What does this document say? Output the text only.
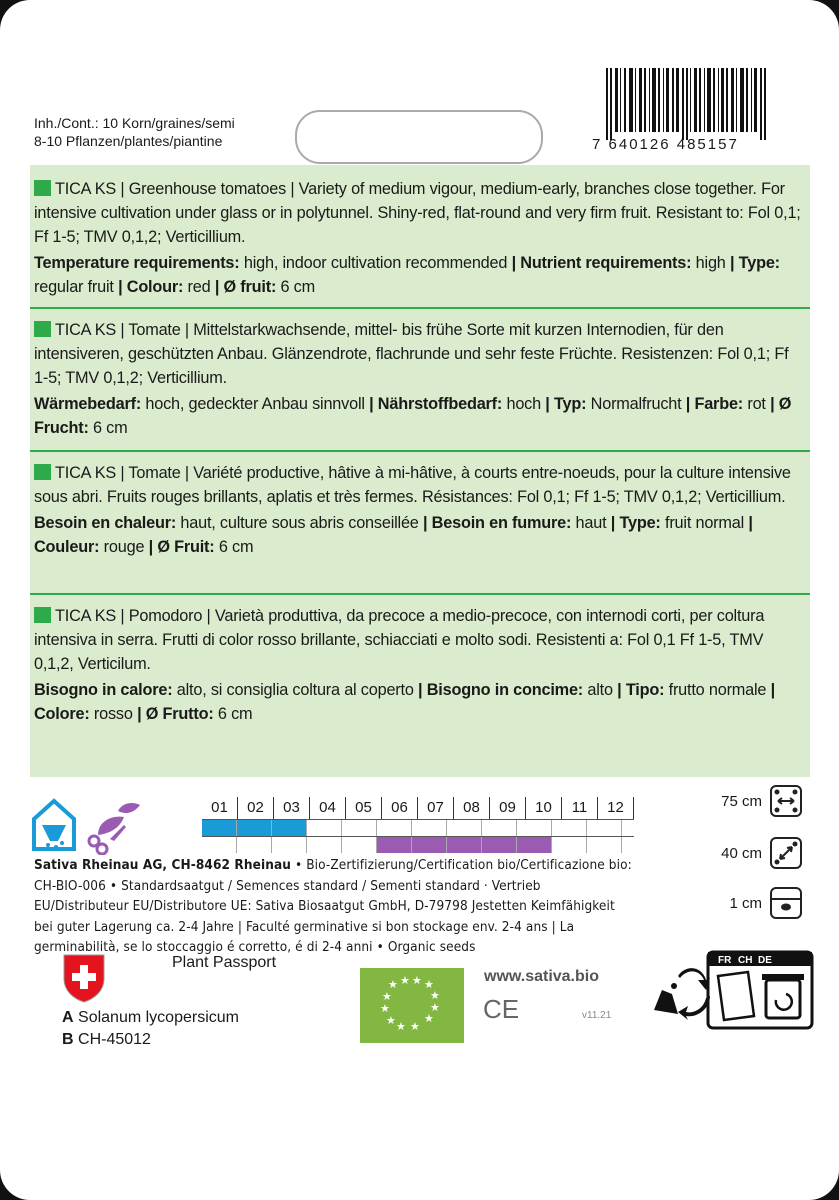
Inh./Cont.: 10 Korn/graines/semi
8-10 Pflanzen/plantes/piantine	7 640126 485157

TICA KS | Greenhouse tomatoes | Variety of medium vigour, medium-early, branches close together. For intensive cultivation under glass or in polytunnel. Shiny-red, flat-round and very firm fruit. Resistant to: Fol 0,1; Ff 1-5; TMV 0,1,2; Verticillium.

Temperature requirements: high, indoor cultivation recommended | Nutrient requirements: high | Type: regular fruit | Colour: red | Ø fruit: 6 cm

TICA KS | Tomate | Mittelstarkwachsende, mittel- bis frühe Sorte mit kurzen Internodien, für den intensiveren, geschützten Anbau. Glänzendrote, flachrunde und sehr feste Früchte. Resistenzen: Fol 0,1; Ff 1-5; TMV 0,1,2; Verticillium.

Wärmebedarf: hoch, gedeckter Anbau sinnvoll | Nährstoffbedarf: hoch | Typ: Normalfrucht | Farbe: rot | Ø Frucht: 6 cm

TICA KS | Tomate | Variété productive, hâtive à mi-hâtive, à courts entre-noeuds, pour la culture intensive sous abri. Fruits rouges brillants, aplatis et très fermes. Résistances: Fol 0,1; Ff 1-5; TMV 0,1,2; Verticillium.

Besoin en chaleur: haut, culture sous abris conseillée | Besoin en fumure: haut | Type: fruit normal | Couleur: rouge | Ø Fruit: 6 cm

TICA KS | Pomodoro | Varietà produttiva, da precoce a medio-precoce, con internodi corti, per coltura intensiva in serra. Frutti di color rosso brillante, schiacciati e molto sodi. Resistenti a: Fol 0,1 Ff 1-5, TMV 0,1,2, Verticilum.

Bisogno in calore: alto, si consiglia coltura al coperto | Bisogno in concime: alto | Tipo: frutto normale | Colore: rosso | Ø Frutto: 6 cm

01	02	03	04	05	06	07	08	09	10	11	12	75 cm
40 cm
1 cm
Sativa Rheinau AG, CH-8462 Rheinau • Bio-Zertifizierung/Certification bio/Certificazione bio: CH-BIO-006 • Standardsaatgut / Semences standard / Sementi standard · Vertrieb EU/Distributeur EU/Distributore UE: Sativa Biosaatgut GmbH, D-79798 Jestetten Keimfähigkeit bei guter Lagerung ca. 2-4 Jahre | Faculté germinative si bon stockage env. 2-4 ans | La germinabilità, se lo stoccaggio é corretto, é di 2-4 anni • Organic seeds
Plant Passport
A Solanum lycopersicum
B CH-45012
★ ★ ★ ★
★
★
★
★
★
★ ★ ★
www.sativa.bio
CE	v11.21
FR CH DE
